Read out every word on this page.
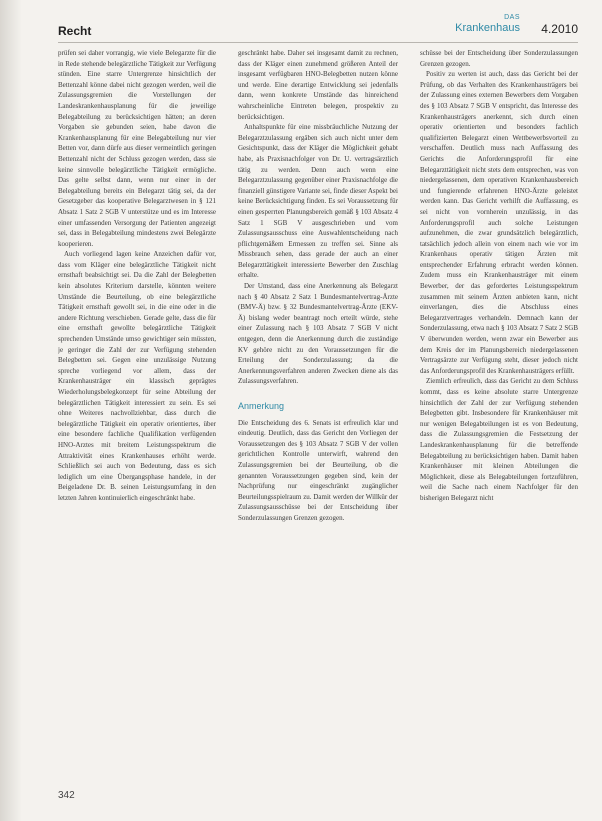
Recht
DAS
Krankenhaus 4.2010

prüfen sei daher vorrangig, wie viele Belegarzte für die in Rede stehende belegärztliche Tätigkeit zur Verfügung stünden. Eine starre Untergrenze hinsichtlich der Bettenzahl könne dabei nicht gezogen werden, weil die Zulassungsgremien die Vorstellungen der Landeskrankenhausplanung für die jeweilige Belegabteilung zu berücksichtigen hätten; an deren Vorgaben sie gebunden seien, habe davon die Krankenhausplanung für eine Belegabteilung nur vier Betten vor, dann dürfe aus dieser vermeintlich geringen Bettenzahl nicht der Schluss gezogen werden, dass sie keine sinnvolle belegärztliche Tätigkeit ermögliche. Das gelte selbst dann, wenn nur einer in der Belegabteilung bereits ein Belegarzt tätig sei, da der Gesetzgeber das kooperative Belegarztwesen in § 121 Absatz 1 Satz 2 SGB V unterstütze und es im Interesse einer umfassenden Versorgung der Patienten angezeigt sei, dass in Belegabteilung mindestens zwei Belegärzte kooperieren.

Auch vorliegend lagen keine Anzeichen dafür vor, dass vom Kläger eine belegärztliche Tätigkeit nicht ernsthaft beabsichtigt sei. Da die Zahl der Belegbetten kein absolutes Kriterium darstelle, könnten weitere Umstände die Beurteilung, ob eine belegärztliche Tätigkeit ernsthaft gewollt sei, in die eine oder in die andere Richtung verschieben. Gerade gelte, dass die für eine ernsthaft gewollte belegärztliche Tätigkeit sprechenden Umstände umso gewichtiger sein müssten, je geringer die Zahl der zur Verfügung stehenden Belegbetten sei. Gegen eine unzulässige Nutzung spreche vorliegend vor allem, dass der Krankenhausträger ein klassisch geprägtes Wiederholungsbelegkonzept für seine Abteilung der belegärztlichen Tätigkeit interessiert zu sein. Es sei ohne Weiteres nachvollziehbar, dass durch die belegärztliche Tätigkeit ein operativ orientiertes, über eine besondere fachliche Qualifikation verfügenden HNO-Arztes mit breitem Leistungsspektrum die Attraktivität eines Krankenhauses erhöht werde. Schließlich sei auch von Bedeutung, dass es sich lediglich um eine Übergangsphase handele, in der Beigeladene Dr. B. seinen Leistungsumfang in den letzten Jahren kontinuierlich eingeschränkt habe.

geschränkt habe. Daher sei insgesamt damit zu rechnen, dass der Kläger einen zunehmend größeren Anteil der insgesamt verfügbaren HNO-Belegbetten nutzen könne und werde. Eine derartige Entwicklung sei jedenfalls dann, wenn konkrete Umstände das hinreichend wahrscheinliche Eintreten belegen, prospektiv zu berücksichtigen.

Anhaltspunkte für eine missbräuchliche Nutzung der Belegarztzulassung ergäben sich auch nicht unter dem Gesichtspunkt, dass der Kläger die Möglichkeit gehabt habe, als Praxisnachfolger von Dr. U. vertragsärztlich tätig zu werden. Denn auch wenn eine Belegarztzulassung gegenüber einer Praxisnachfolge die finanziell günstigere Variante sei, finde dieser Aspekt bei keine Berücksichtigung finden. Es sei Voraussetzung für einen gesperrten Planungsbereich gemäß § 103 Absatz 4 Satz 1 SGB V ausgeschrieben und vom Zulassungsausschuss eine Auswahlentscheidung nach pflichtgemäßem Ermessen zu treffen sei. Sinne als Missbrauch sehen, dass gerade der auch an einer Belegarzttätigkeit interessierte Bewerber den Zuschlag erhalte.

Der Umstand, dass eine Anerkennung als Belegarzt nach § 40 Absatz 2 Satz 1 Bundesmantelvertrag-Ärzte (BMV-Ä) bzw. § 32 Bundesmantelvertrag-Ärzte (EKV-Ä) bislang weder beantragt noch erteilt würde, stehe einer Zulassung nach § 103 Absatz 7 SGB V nicht entgegen, denn die Anerkennung durch die zuständige KV gehöre nicht zu den Voraussetzungen für die Erteilung der Sonderzulassung; da die Anerkennungsverfahren anderen Zwecken diene als das Zulassungsverfahren.

Anmerkung

Die Entscheidung des 6. Senats ist erfreulich klar und eindeutig. Deutlich, dass das Gericht den Vorliegen der Voraussetzungen des § 103 Absatz 7 SGB V der vollen gerichtlichen Kontrolle unterwirft, wahrend den Zulassungsgremien bei der Beurteilung, ob die genannten Voraussetzungen gegeben sind, kein der Nachprüfung nur eingeschränkt zugänglicher Beurteilungsspielraum zu. Damit werden der Willkür der Zulassungsausschüsse bei der Entscheidung über Sonderzulassungen Grenzen gezogen.

schüsse bei der Entscheidung über Sonderzulassungen Grenzen gezogen.

Positiv zu werten ist auch, dass das Gericht bei der Prüfung, ob das Verhalten des Krankenhausträgers bei der Zulassung eines externen Bewerbers dem Vorgaben des § 103 Absatz 7 SGB V entspricht, das Interesse des Krankenhausträgers anerkennt, sich durch einen operativ orientierten und besonders fachlich qualifizierten Belegarzt einen Wettbewerbsvorteil zu verschaffen. Deutlich muss nach Auffassung des Gerichts die Anforderungsprofil für eine Belegarzttätigkeit nicht stets dem entsprechen, was von niedergelassenen, dem operativen Krankenhausbereich und fungierende erfahrenen HNO-Ärzte geleistet werden kann. Das Gericht verhilft die Auffassung, es sei nicht von vornherein unzulässig, in das Anforderungsprofil auch solche Leistungen aufzunehmen, die zwar grundsätzlich belegärztlich, tatsächlich jedoch allein von einem nach wie vor im Krankenhaus operativ tätigen Ärzten mit entsprechender Erfahrung erbracht werden können. Zudem muss ein Krankenhausträger mit einem Bewerber, der das gefordertes Leistungsspektrum zusammen mit seinem Ärzten anbieten kann, nicht einverlangen, dies die Abschluss eines Belegarztvertrages verhandeln. Demnach kann der Sonderzulassung, etwa nach § 103 Absatz 7 Satz 2 SGB V überwunden werden, wenn zwar ein Bewerber aus dem Kreis der im Planungsbereich niedergelassenen Vertragsärzte zur Verfügung steht, dieser jedoch nicht das Anforderungsprofil des Krankenhausträgers erfüllt.

Ziemlich erfreulich, dass das Gericht zu dem Schluss kommt, dass es keine absolute starre Untergrenze hinsichtlich der Zahl der zur Verfügung stehenden Belegbetten gibt. Insbesondere für Krankenhäuser mit nur wenigen Belegabteilungen ist es von Bedeutung, dass die Zulassungsgremien die Festsetzung der Landeskrankenhausplanung für die betreffende Belegabteilung zu berücksichtigen haben. Damit haben Krankenhäuser mit kleinen Abteilungen die Möglichkeit, diese als Belegabteilungen fortzuführen, weil die Sache nach einem Nachfolger für den bisherigen Belegarzt nicht

342
